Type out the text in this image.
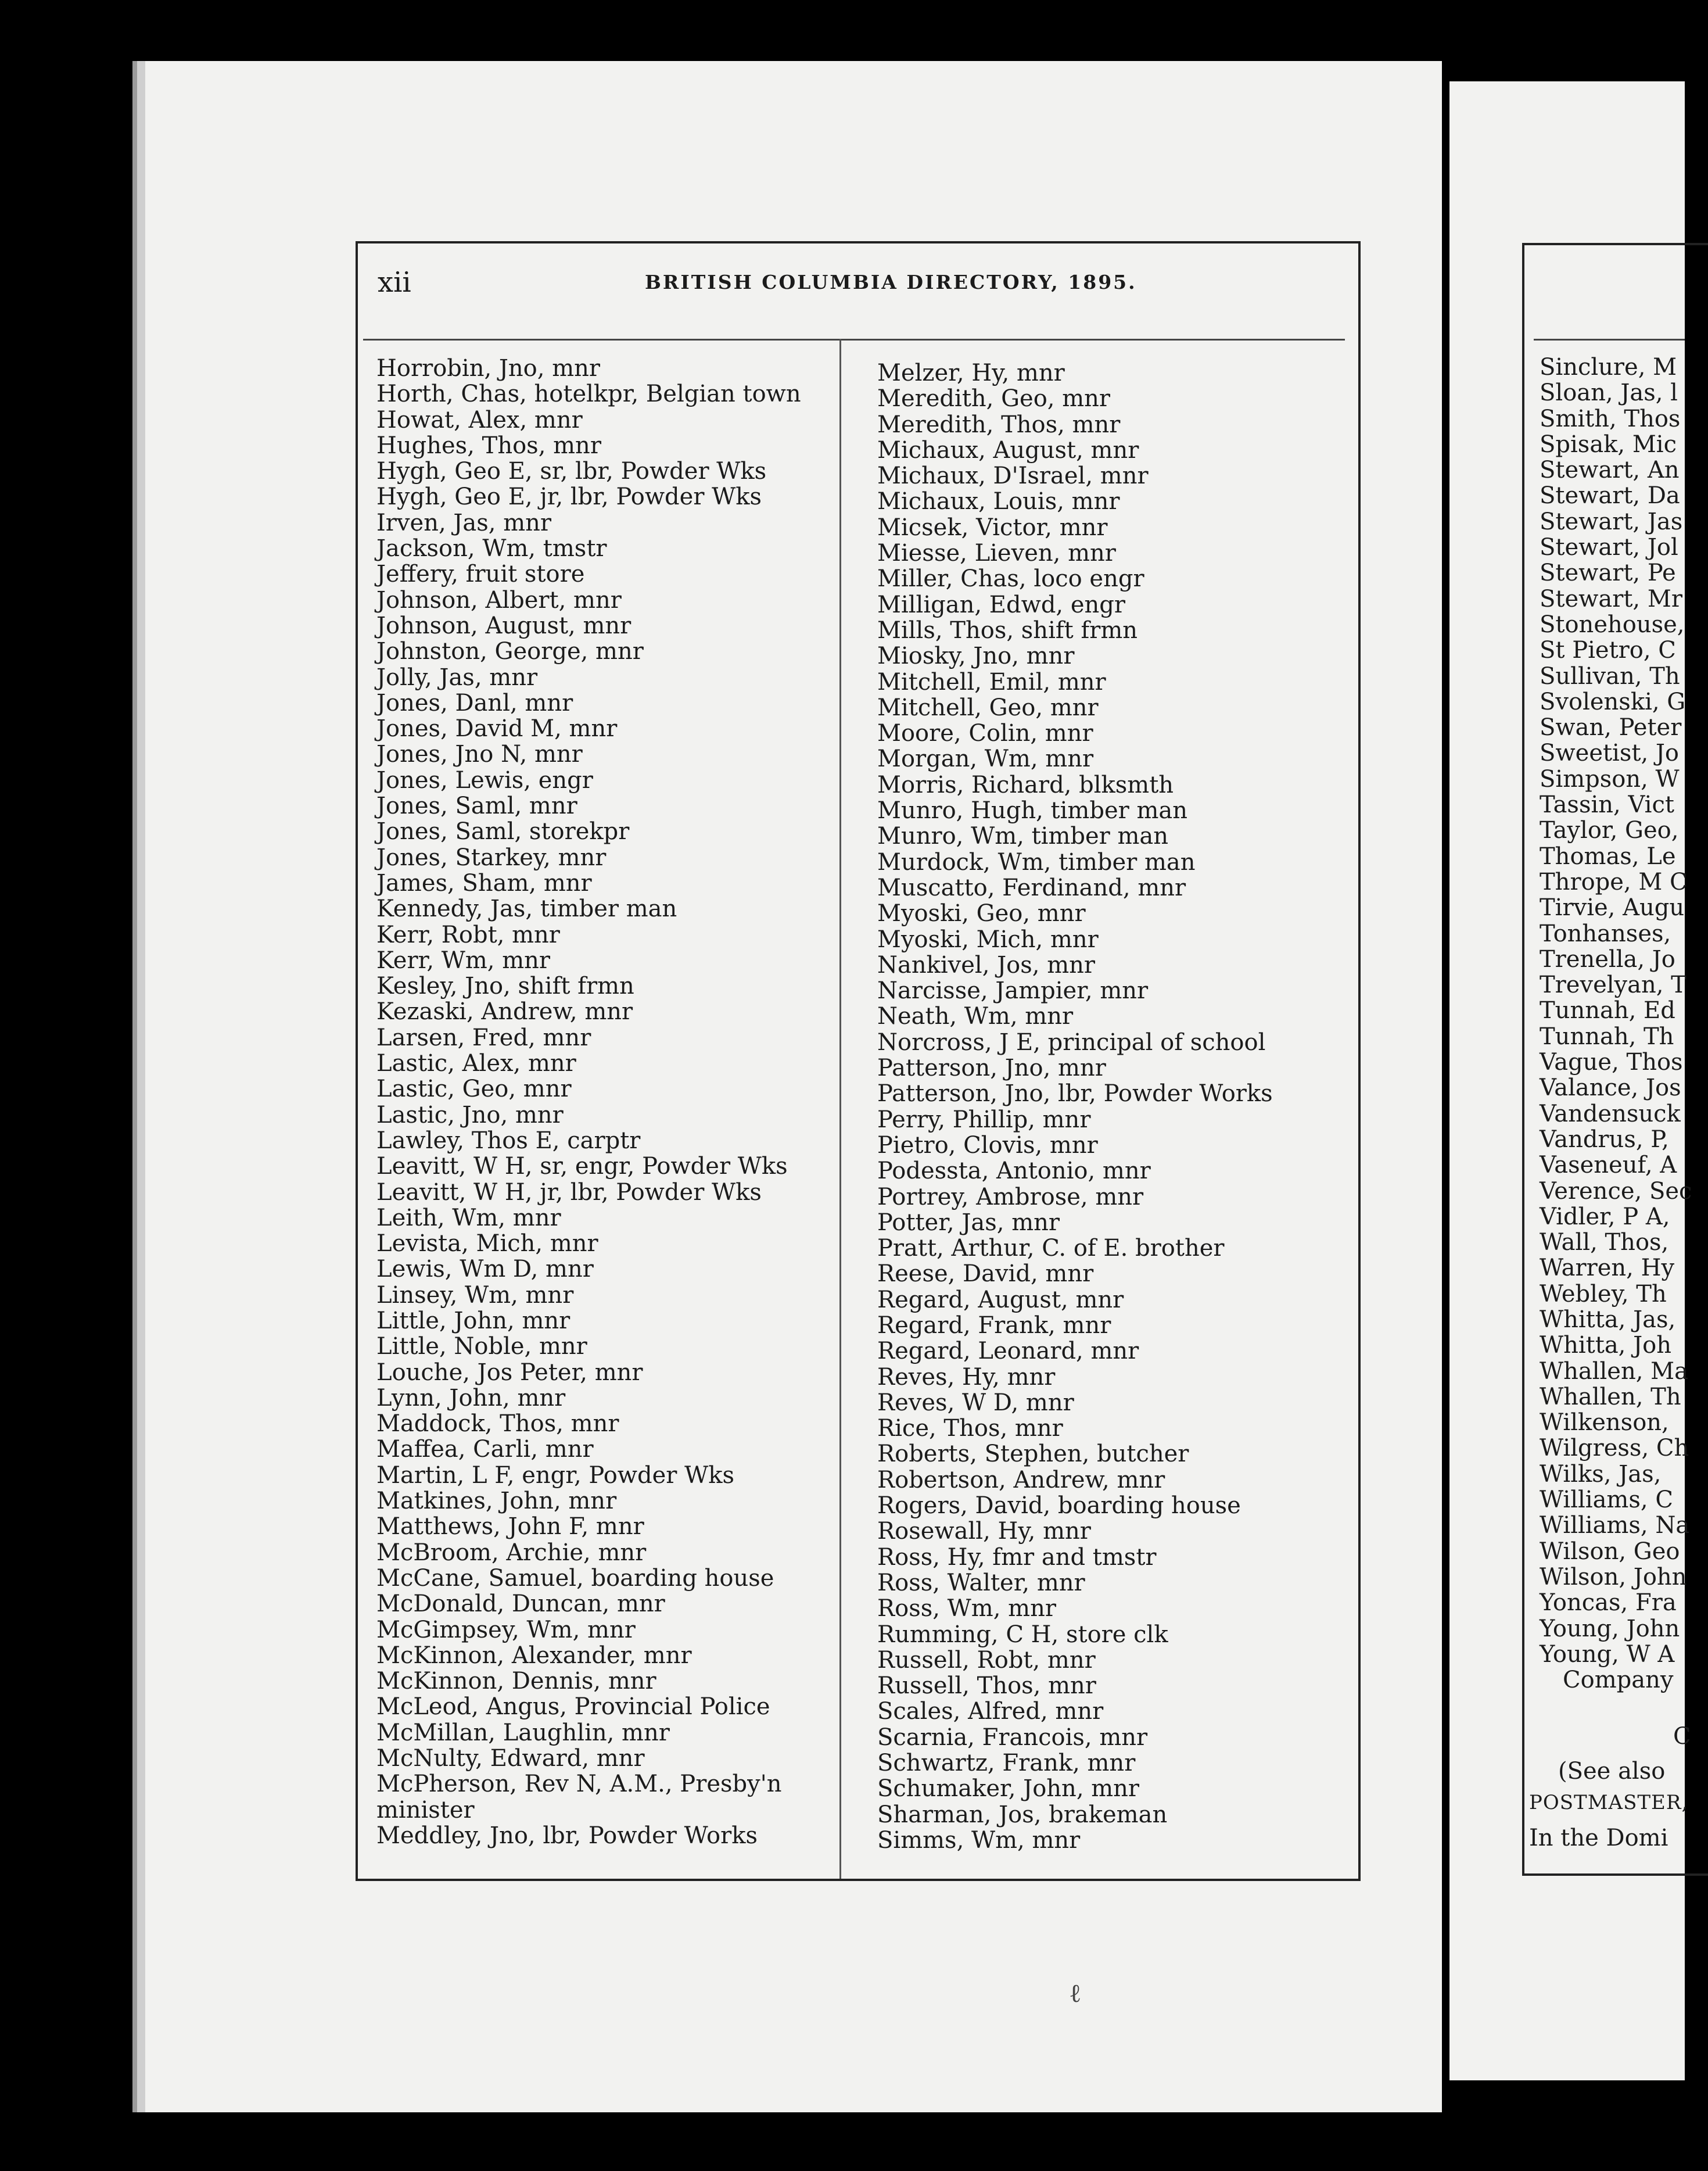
xii	BRITISH COLUMBIA DIRECTORY, 1895.
Horrobin, Jno, mnr
Horth, Chas, hotelkpr, Belgian town
Howat, Alex, mnr
Hughes, Thos, mnr
Hygh, Geo E, sr, lbr, Powder Wks
Hygh, Geo E, jr, lbr, Powder Wks
Irven, Jas, mnr
Jackson, Wm, tmstr
Jeffery, fruit store
Johnson, Albert, mnr
Johnson, August, mnr
Johnston, George, mnr
Jolly, Jas, mnr
Jones, Danl, mnr
Jones, David M, mnr
Jones, Jno N, mnr
Jones, Lewis, engr
Jones, Saml, mnr
Jones, Saml, storekpr
Jones, Starkey, mnr
James, Sham, mnr
Kennedy, Jas, timber man
Kerr, Robt, mnr
Kerr, Wm, mnr
Kesley, Jno, shift frmn
Kezaski, Andrew, mnr
Larsen, Fred, mnr
Lastic, Alex, mnr
Lastic, Geo, mnr
Lastic, Jno, mnr
Lawley, Thos E, carptr
Leavitt, W H, sr, engr, Powder Wks
Leavitt, W H, jr, lbr, Powder Wks
Leith, Wm, mnr
Levista, Mich, mnr
Lewis, Wm D, mnr
Linsey, Wm, mnr
Little, John, mnr
Little, Noble, mnr
Louche, Jos Peter, mnr
Lynn, John, mnr
Maddock, Thos, mnr
Maffea, Carli, mnr
Martin, L F, engr, Powder Wks
Matkines, John, mnr
Matthews, John F, mnr
McBroom, Archie, mnr
McCane, Samuel, boarding house
McDonald, Duncan, mnr
McGimpsey, Wm, mnr
McKinnon, Alexander, mnr
McKinnon, Dennis, mnr
McLeod, Angus, Provincial Police
McMillan, Laughlin, mnr
McNulty, Edward, mnr
McPherson, Rev N, A.M., Presby'n
minister
Meddley, Jno, lbr, Powder Works
Melzer, Hy, mnr
Meredith, Geo, mnr
Meredith, Thos, mnr
Michaux, August, mnr
Michaux, D'Israel, mnr
Michaux, Louis, mnr
Micsek, Victor, mnr
Miesse, Lieven, mnr
Miller, Chas, loco engr
Milligan, Edwd, engr
Mills, Thos, shift frmn
Miosky, Jno, mnr
Mitchell, Emil, mnr
Mitchell, Geo, mnr
Moore, Colin, mnr
Morgan, Wm, mnr
Morris, Richard, blksmth
Munro, Hugh, timber man
Munro, Wm, timber man
Murdock, Wm, timber man
Muscatto, Ferdinand, mnr
Myoski, Geo, mnr
Myoski, Mich, mnr
Nankivel, Jos, mnr
Narcisse, Jampier, mnr
Neath, Wm, mnr
Norcross, J E, principal of school
Patterson, Jno, mnr
Patterson, Jno, lbr, Powder Works
Perry, Phillip, mnr
Pietro, Clovis, mnr
Podessta, Antonio, mnr
Portrey, Ambrose, mnr
Potter, Jas, mnr
Pratt, Arthur, C. of E. brother
Reese, David, mnr
Regard, August, mnr
Regard, Frank, mnr
Regard, Leonard, mnr
Reves, Hy, mnr
Reves, W D, mnr
Rice, Thos, mnr
Roberts, Stephen, butcher
Robertson, Andrew, mnr
Rogers, David, boarding house
Rosewall, Hy, mnr
Ross, Hy, fmr and tmstr
Ross, Walter, mnr
Ross, Wm, mnr
Rumming, C H, store clk
Russell, Robt, mnr
Russell, Thos, mnr
Scales, Alfred, mnr
Scarnia, Francois, mnr
Schwartz, Frank, mnr
Schumaker, John, mnr
Sharman, Jos, brakeman
Simms, Wm, mnr
Sinclure, M
Sloan, Jas, l
Smith, Thos
Spisak, Mic
Stewart, An
Stewart, Da
Stewart, Jas
Stewart, Jol
Stewart, Pe
Stewart, Mr
Stonehouse,
St Pietro, C
Sullivan, Th
Svolenski, G
Swan, Peter
Sweetist, Jo
Simpson, W
Tassin, Vict
Taylor, Geo,
Thomas, Le
Thrope, M C
Tirvie, Augu
Tonhanses,
Trenella, Jo
Trevelyan, T
Tunnah, Ed
Tunnah, Th
Vague, Thos
Valance, Jos
Vandensuck
Vandrus, P,
Vaseneuf, A
Verence, Sec
Vidler, P A,
Wall, Thos,
Warren, Hy
Webley, Th
Whitta, Jas,
Whitta, Joh
Whallen, Ma
Whallen, Th
Wilkenson,
Wilgress, Ch
Wilks, Jas,
Williams, C
Williams, Na
Wilson, Geo
Wilson, John
Yoncas, Fra
Young, John
Young, W A
Company
C
(See also
POSTMASTER,
In the Domi
ℓ
